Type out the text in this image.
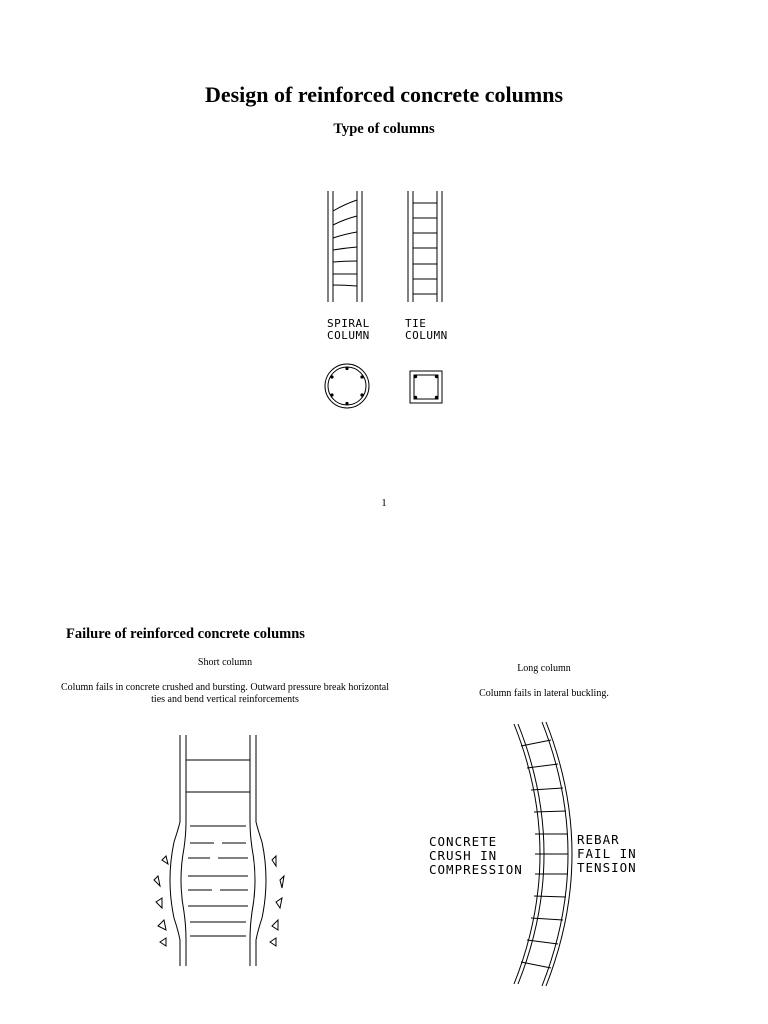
Design of reinforced concrete columns
Type of columns
SPIRAL
COLUMN
TIE
COLUMN
1
Failure of reinforced concrete columns
Short column
Column fails in concrete crushed and bursting. Outward pressure break horizontal ties and bend vertical reinforcements
Long column
Column fails in lateral buckling.
CONCRETE
CRUSH IN
COMPRESSION
REBAR
FAIL IN
TENSION
